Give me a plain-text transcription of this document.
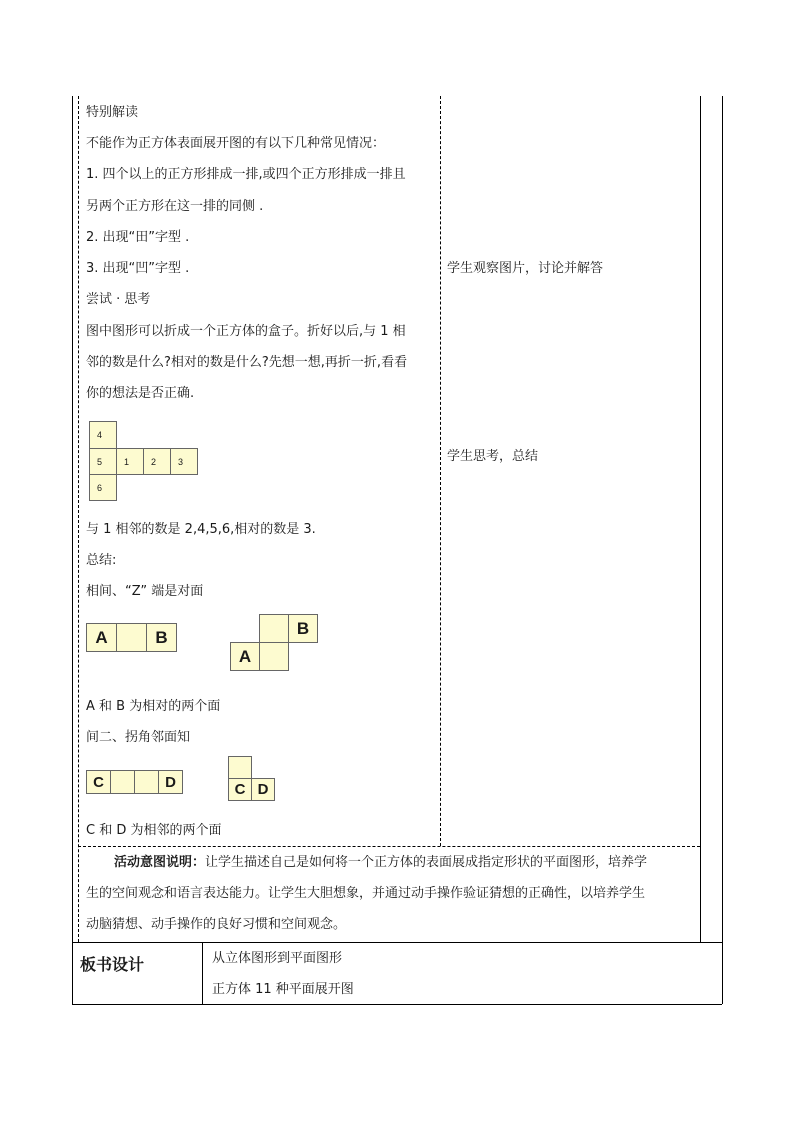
特别解读
不能作为正方体表面展开图的有以下几种常见情况：
1. 四个以上的正方形排成一排,或四个正方形排成一排且
另两个正方形在这一排的同侧 .
2. 出现“田”字型 .
3. 出现“凹”字型 .
尝试 · 思考
图中图形可以折成一个正方体的盒子。折好以后,与 1 相
邻的数是什么?相对的数是什么?先想一想,再折一折,看看
你的想法是否正确.
4
5	1	2	3
6
与 1 相邻的数是 2,4,5,6,相对的数是 3.
总结:
相间、“Z” 端是对面
A	B	B
A
A 和 B 为相对的两个面
间二、拐角邻面知
C	D	C D
C 和 D 为相邻的两个面
学生观察图片，讨论并解答
学生思考，总结
活动意图说明：让学生描述自己是如何将一个正方体的表面展成指定形状的平面图形，培养学
生的空间观念和语言表达能力。让学生大胆想象，并通过动手操作验证猜想的正确性，以培养学生
动脑猜想、动手操作的良好习惯和空间观念。
板书设计	从立体图形到平面图形
正方体 11 种平面展开图
